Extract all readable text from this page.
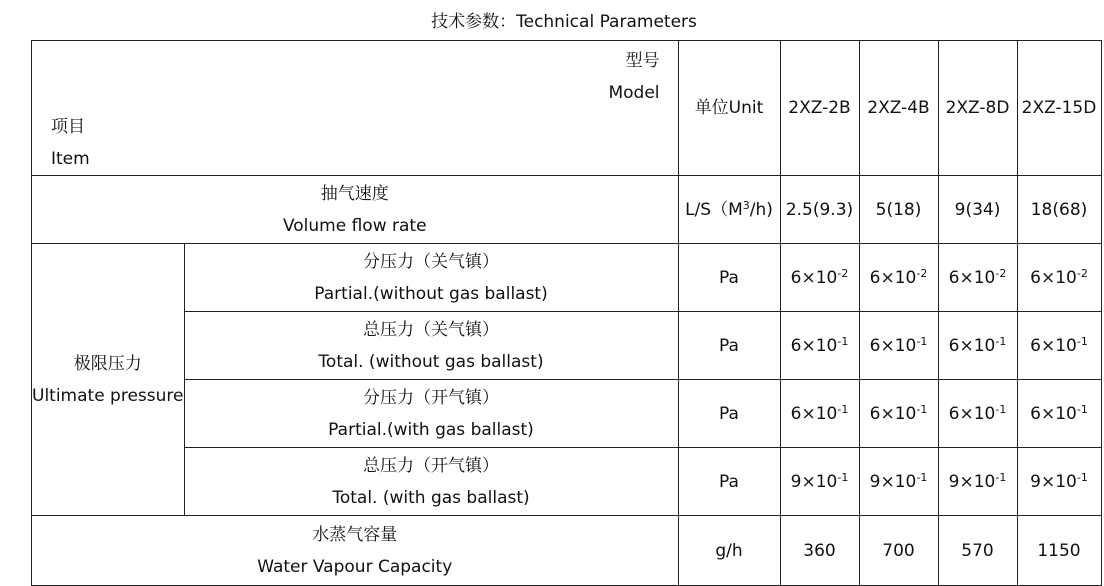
技术参数：Technical Parameters
型号
Model
项目
Item		单位Unit	2XZ-2B	2XZ-4B	2XZ-8D	2XZ-15D

抽气速度
Volume flow rate		$L/S(M^3/h)$	2.5(9.3)	5(18)	9(34)	18(68)

极限压力
Ultimate pressure	分压力（关气镇）
Partial.(without gas ballast)	Pa	$6\times 10^{-2}$	$6\times 10^{-2}$	$6\times 10^{-2}$	$6\times 10^{-2}$

	总压力（关气镇）
Total. (without gas ballast)	Pa	$6\times 10^{-1}$	$6\times 10^{-1}$	$6\times 10^{-1}$	$6\times 10^{-1}$

	分压力（开气镇）
Partial.(with gas ballast)	Pa	$6\times 10^{-1}$	$6\times 10^{-1}$	$6\times 10^{-1}$	$6\times 10^{-1}$

	总压力（开气镇）
Total. (with gas ballast)	Pa	$9\times 10^{-1}$	$9\times 10^{-1}$	$9\times 10^{-1}$	$9\times 10^{-1}$

水蒸气容量
Water Vapour Capacity		g/h	360	700	570	1150
